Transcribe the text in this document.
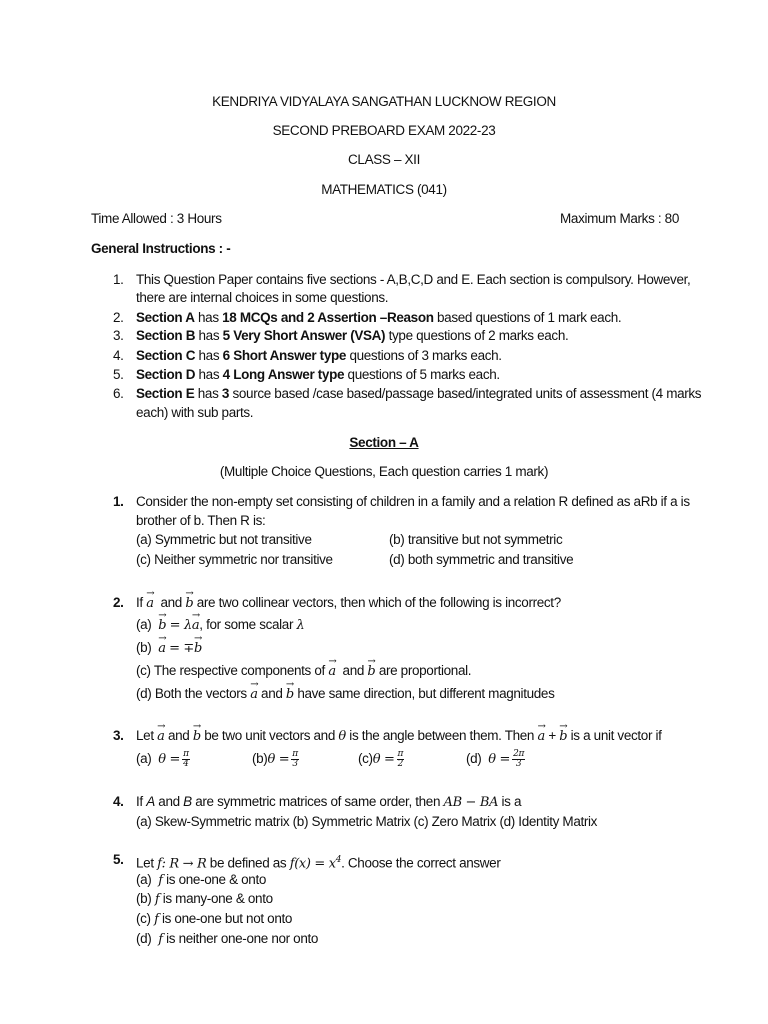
KENDRIYA VIDYALAYA SANGATHAN LUCKNOW REGION
SECOND PREBOARD EXAM 2022-23
CLASS – XII
MATHEMATICS (041)
Time Allowed : 3 Hours	Maximum Marks : 80
General Instructions : -
1. This Question Paper contains five sections - A,B,C,D and E. Each section is compulsory. However,
there are internal choices in some questions.
2. Section A has 18 MCQs and 2 Assertion –Reason based questions of 1 mark each.
3. Section B has 5 Very Short Answer (VSA) type questions of 2 marks each.
4. Section C has 6 Short Answer type questions of 3 marks each.
5. Section D has 4 Long Answer type questions of 5 marks each.
6. Section E has 3 source based /case based/passage based/integrated units of assessment (4 marks
each) with sub parts.
Section – A
(Multiple Choice Questions, Each question carries 1 mark)
1. Consider the non-empty set consisting of children in a family and a relation R defined as aRb if a is
brother of b. Then R is:
(a) Symmetric but not transitive	(b) transitive but not symmetric
(c) Neither symmetric nor transitive	(d) both symmetric and transitive
2. If → a and → b are two collinear vectors, then which of the following is incorrect?
(a) → b = λ→ a, for some scalar λ
(b) → a = ∓→ b
(c) The respective components of → a and → b are proportional.
(d) Both the vectors → a and → b have same direction, but different magnitudes
3. Let → a and → b be two unit vectors and θ is the angle between them. Then → a + → b is a unit vector if
(a) $\theta = \frac{\pi}{4}$	$(b)\theta = \frac{\pi}{3}$	$(c)\theta = \frac{\pi}{2}$	(d) $\theta = \frac{2\pi}{3}$
4. If A and B are symmetric matrices of same order, then AB − BA is a
(a) Skew-Symmetric matrix (b) Symmetric Matrix (c) Zero Matrix (d) Identity Matrix
5. Let f: R → R be defined as $f(x) = x^4$. Choose the correct answer
(a) f is one-one & onto
(b) f is many-one & onto
(c) f is one-one but not onto
(d) f is neither one-one nor onto
